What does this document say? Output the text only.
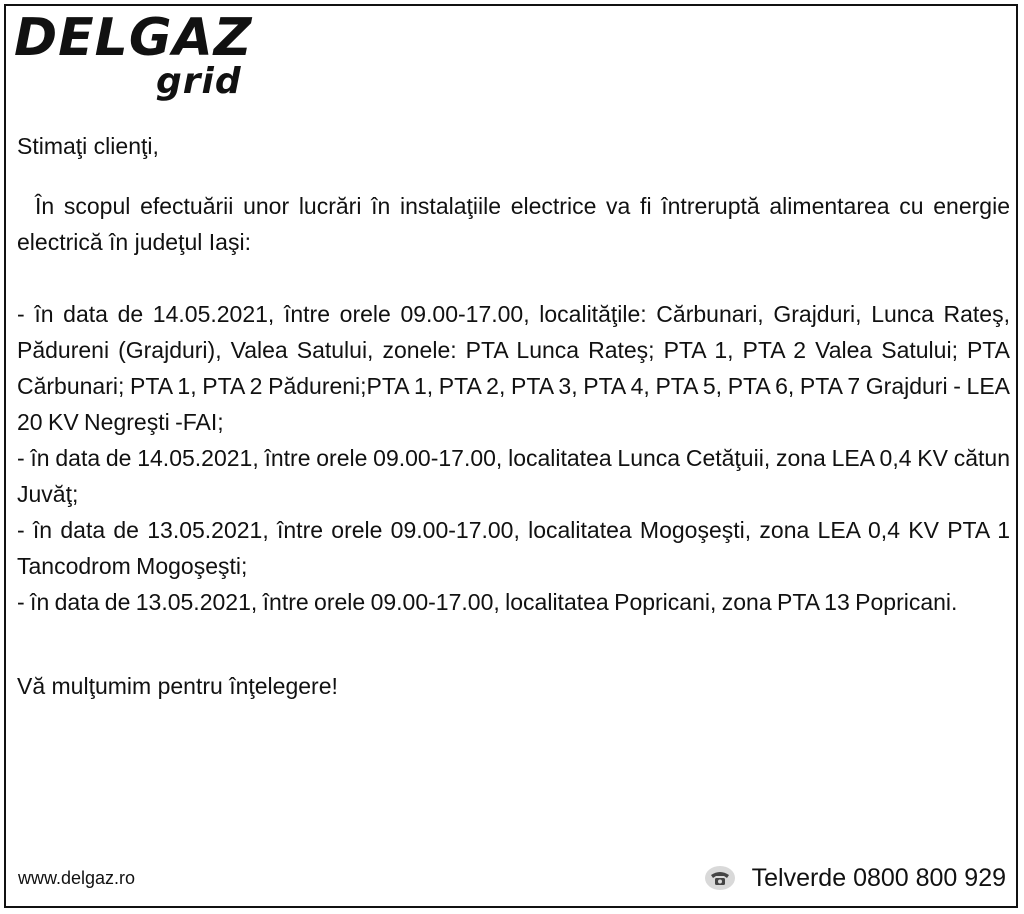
DELGAZ
grid

Stimaţi clienţi,

În scopul efectuării unor lucrări în instalaţiile electrice va fi întreruptă alimentarea cu energie electrică în judeţul Iaşi:

- în data de 14.05.2021, între orele 09.00-17.00, localităţile: Cărbunari, Grajduri, Lunca Rateş, Pădureni (Grajduri), Valea Satului, zonele: PTA Lunca Rateş; PTA 1, PTA 2 Valea Satului; PTA Cărbunari; PTA 1, PTA 2 Pădureni;PTA 1, PTA 2, PTA 3, PTA 4, PTA 5, PTA 6, PTA 7 Grajduri - LEA 20 KV Negreşti -FAI;

- în data de 14.05.2021, între orele 09.00-17.00, localitatea Lunca Cetăţuii, zona LEA 0,4 KV cătun Juvăţ;

- în data de 13.05.2021, între orele 09.00-17.00, localitatea Mogoşeşti, zona LEA 0,4 KV PTA 1 Tancodrom Mogoşeşti;

- în data de 13.05.2021, între orele 09.00-17.00, localitatea Popricani, zona PTA 13 Popricani.

Vă mulţumim pentru înţelegere!

www.delgaz.ro	Telverde 0800 800 929
